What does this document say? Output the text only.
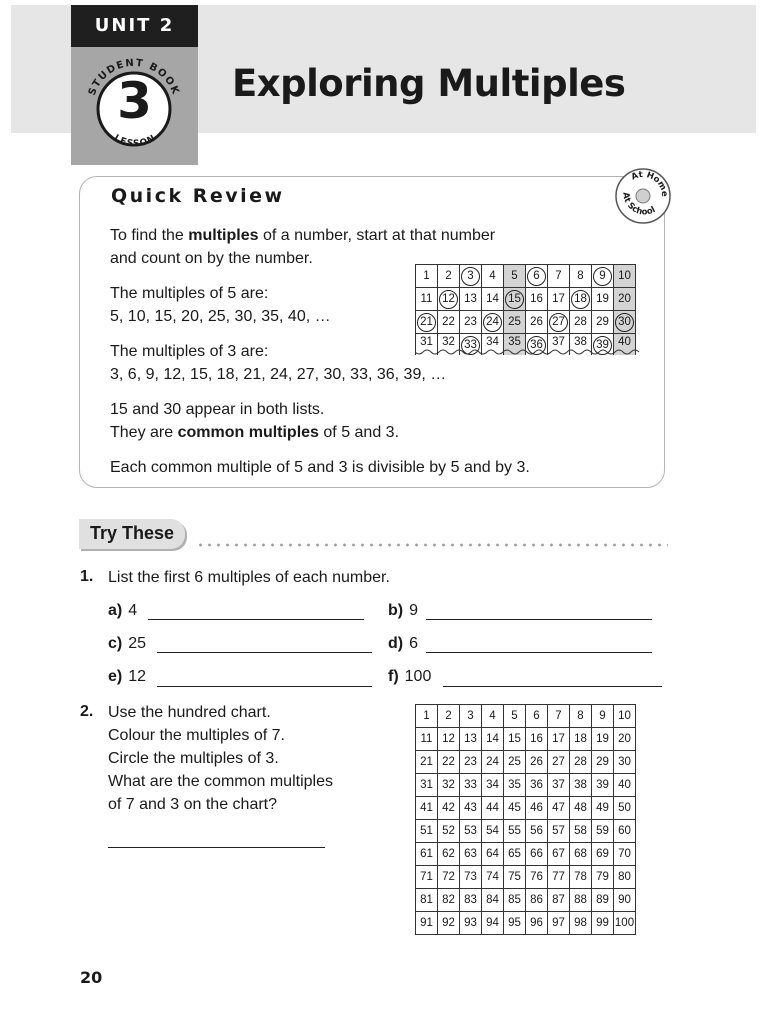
UNIT 2
STUDENT BOOK
LESSON
3	Exploring Multiples
At Home
At School
Quick Review
To find the multiples of a number, start at that number
and count on by the number.
The multiples of 5 are:
5, 10, 15, 20, 25, 30, 35, 40, …
The multiples of 3 are:
3, 6, 9, 12, 15, 18, 21, 24, 27, 30, 33, 36, 39, …
15 and 30 appear in both lists.
They are common multiples of 5 and 3.
Each common multiple of 5 and 3 is divisible by 5 and by 3.
1	2	3	4	5	6	7	8	9	10
11	12	13	14	15	16	17	18	19	20
21	22	23	24	25	26	27	28	29	30
31	32	33	34	35	36	37	38	39	40
Try These
1. List the first 6 multiples of each number.
a) 4	b) 9
c) 25	d) 6
e) 12	f) 100
2. Use the hundred chart.
Colour the multiples of 7.
Circle the multiples of 3.
What are the common multiples
of 7 and 3 on the chart?
1	2	3	4	5	6	7	8	9	10
11	12	13	14	15	16	17	18	19	20
21	22	23	24	25	26	27	28	29	30
31	32	33	34	35	36	37	38	39	40
41	42	43	44	45	46	47	48	49	50
51	52	53	54	55	56	57	58	59	60
61	62	63	64	65	66	67	68	69	70
71	72	73	74	75	76	77	78	79	80
81	82	83	84	85	86	87	88	89	90
91	92	93	94	95	96	97	98	99	100
20
